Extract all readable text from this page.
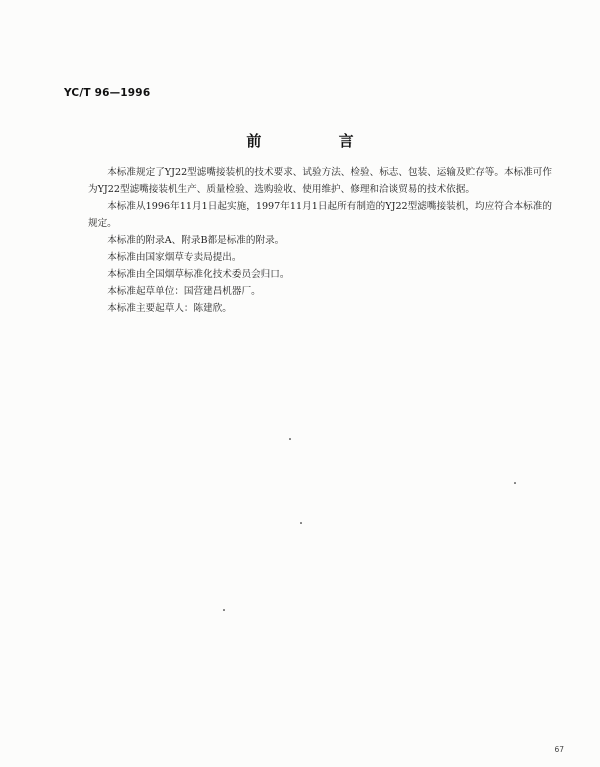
YC/T 96—1996
前 言

本标准规定了YJ22型滤嘴接装机的技术要求、试验方法、检验、标志、包装、运输及贮存等。本标准可作为YJ22型滤嘴接装机生产、质量检验、选购验收、使用维护、修理和洽谈贸易的技术依据。

本标准从1996年11月1日起实施，1997年11月1日起所有制造的YJ22型滤嘴接装机，均应符合本标准的规定。

本标准的附录A、附录B都是标准的附录。

本标准由国家烟草专卖局提出。

本标准由全国烟草标准化技术委员会归口。

本标准起草单位：国营建昌机器厂。

本标准主要起草人：陈建欣。

67
